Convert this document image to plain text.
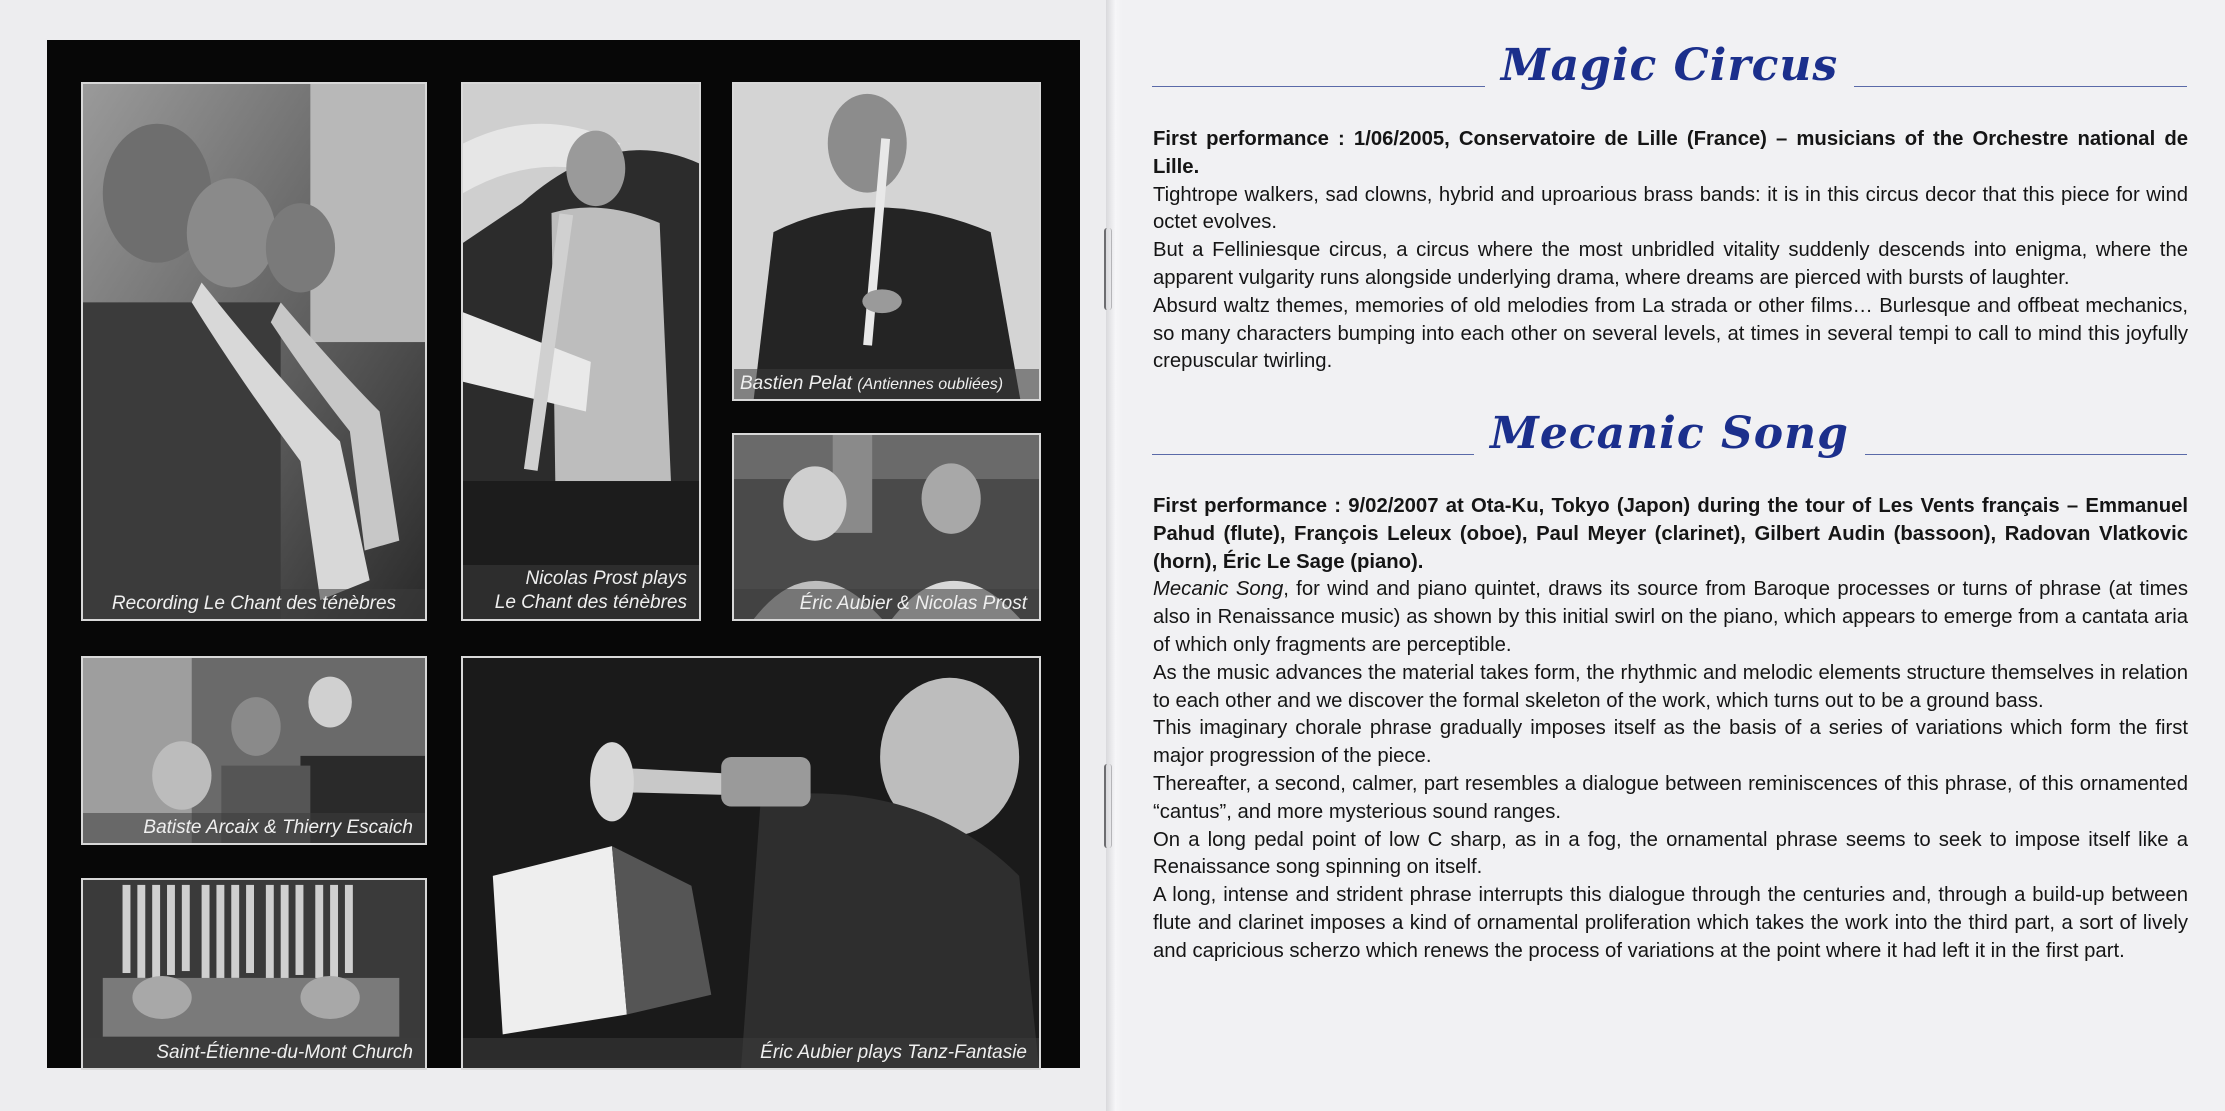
Recording Le Chant des ténèbres
Nicolas Prost plays
Le Chant des ténèbres
Bastien Pelat (Antiennes oubliées)
Éric Aubier & Nicolas Prost
Batiste Arcaix & Thierry Escaich
Saint-Étienne-du-Mont Church	Éric Aubier plays Tanz-Fantasie
Magic Circus

First performance : 1/06/2005, Conservatoire de Lille (France) – musicians of the Orchestre national de Lille.

Tightrope walkers, sad clowns, hybrid and uproarious brass bands: it is in this circus decor that this piece for wind octet evolves.

But a Felliniesque circus, a circus where the most unbridled vitality suddenly descends into enigma, where the apparent vulgarity runs alongside underlying drama, where dreams are pierced with bursts of laughter.

Absurd waltz themes, memories of old melodies from La strada or other films… Burlesque and offbeat mechanics, so many characters bumping into each other on several levels, at times in several tempi to call to mind this joyfully crepuscular twirling.

Mecanic Song

First performance : 9/02/2007 at Ota-Ku, Tokyo (Japon) during the tour of Les Vents français – Emmanuel Pahud (flute), François Leleux (oboe), Paul Meyer (clarinet), Gilbert Audin (bassoon), Radovan Vlatkovic (horn), Éric Le Sage (piano).

Mecanic Song, for wind and piano quintet, draws its source from Baroque processes or turns of phrase (at times also in Renaissance music) as shown by this initial swirl on the piano, which appears to emerge from a cantata aria of which only fragments are perceptible.

As the music advances the material takes form, the rhythmic and melodic elements structure themselves in relation to each other and we discover the formal skeleton of the work, which turns out to be a ground bass.

This imaginary chorale phrase gradually imposes itself as the basis of a series of variations which form the first major progression of the piece.

Thereafter, a second, calmer, part resembles a dialogue between reminiscences of this phrase, of this ornamented “cantus”, and more mysterious sound ranges.

On a long pedal point of low C sharp, as in a fog, the ornamental phrase seems to seek to impose itself like a Renaissance song spinning on itself.

A long, intense and strident phrase interrupts this dialogue through the centuries and, through a build-up between flute and clarinet imposes a kind of ornamental proliferation which takes the work into the third part, a sort of lively and capricious scherzo which renews the process of variations at the point where it had left it in the first part.
